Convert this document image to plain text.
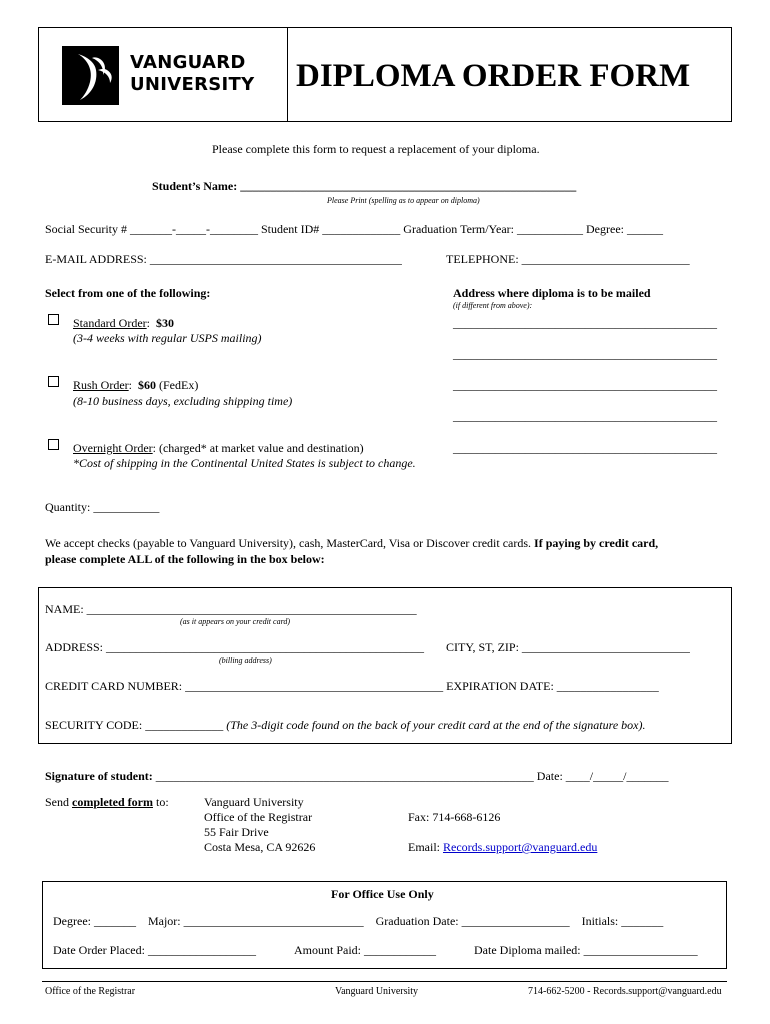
VANGUARD
UNIVERSITY DIPLOMA ORDER FORM
Please complete this form to request a replacement of your diploma.
Student’s Name: ________________________________________________________
Please Print (spelling as to appear on diploma)
Social Security # _______-_____-________ Student ID# _____________ Graduation Term/Year: ___________ Degree: ______
E-MAIL ADDRESS: __________________________________________	TELEPHONE: ____________________________
Select from one of the following:
Standard Order:  $30
(3-4 weeks with regular USPS mailing)
Rush Order:  $60 (FedEx)
(8-10 business days, excluding shipping time)
Overnight Order: (charged* at market value and destination)
*Cost of shipping in the Continental United States is subject to change.
Address where diploma is to be mailed
(if different from above):
____________________________________________
____________________________________________
____________________________________________
____________________________________________
____________________________________________
Quantity: ___________
We accept checks (payable to Vanguard University), cash, MasterCard, Visa or Discover credit cards. If paying by credit card,
please complete ALL of the following in the box below:
NAME: _______________________________________________________
(as it appears on your credit card)
ADDRESS: _____________________________________________________ CITY, ST, ZIP: ____________________________
(billing address)
CREDIT CARD NUMBER: ___________________________________________ EXPIRATION DATE: _________________
SECURITY CODE: _____________ (The 3-digit code found on the back of your credit card at the end of the signature box).
Signature of student: _______________________________________________________________ Date: ____/_____/_______
Send completed form to:	Vanguard University
Office of the Registrar
55 Fair Drive
Costa Mesa, CA 92626
Fax: 714-668-6126
Email: Records.support@vanguard.edu
For Office Use Only
Degree: _______    Major: ______________________________    Graduation Date: __________________    Initials: _______
Date Order Placed: __________________	Amount Paid: ____________	Date Diploma mailed: ___________________
Office of the Registrar	Vanguard University	714-662-5200 - Records.support@vanguard.edu
